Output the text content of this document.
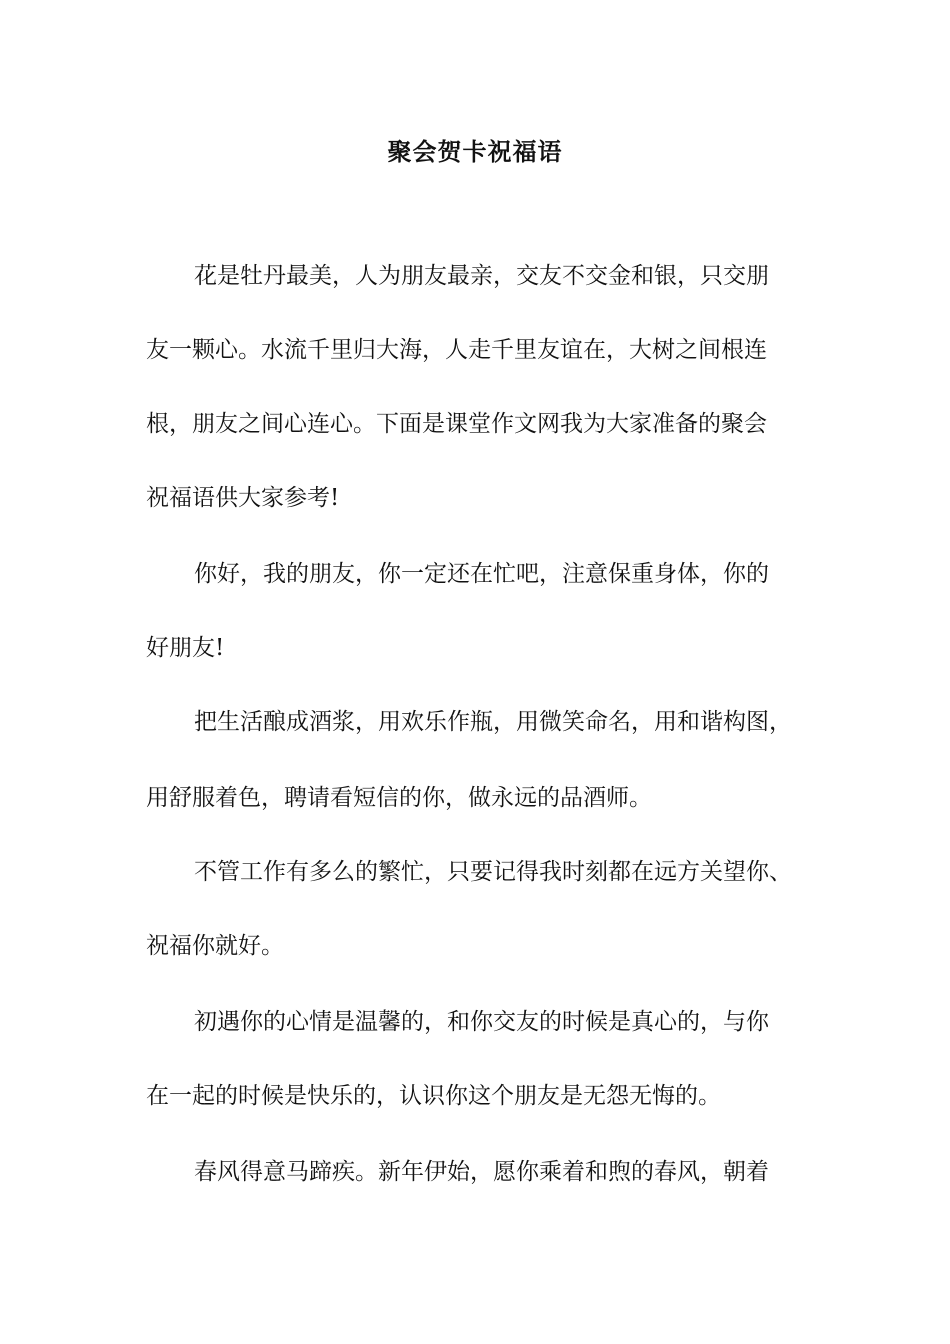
聚会贺卡祝福语
花是牡丹最美，人为朋友最亲，交友不交金和银，只交朋
友一颗心。水流千里归大海，人走千里友谊在，大树之间根连
根，朋友之间心连心。下面是课堂作文网我为大家准备的聚会
祝福语供大家参考!
你好，我的朋友，你一定还在忙吧，注意保重身体，你的
好朋友!
把生活酿成酒浆，用欢乐作瓶，用微笑命名，用和谐构图，
用舒服着色，聘请看短信的你，做永远的品酒师。
不管工作有多么的繁忙，只要记得我时刻都在远方关望你、
祝福你就好。
初遇你的心情是温馨的，和你交友的时候是真心的，与你
在一起的时候是快乐的，认识你这个朋友是无怨无悔的。
春风得意马蹄疾。新年伊始，愿你乘着和煦的春风，朝着
